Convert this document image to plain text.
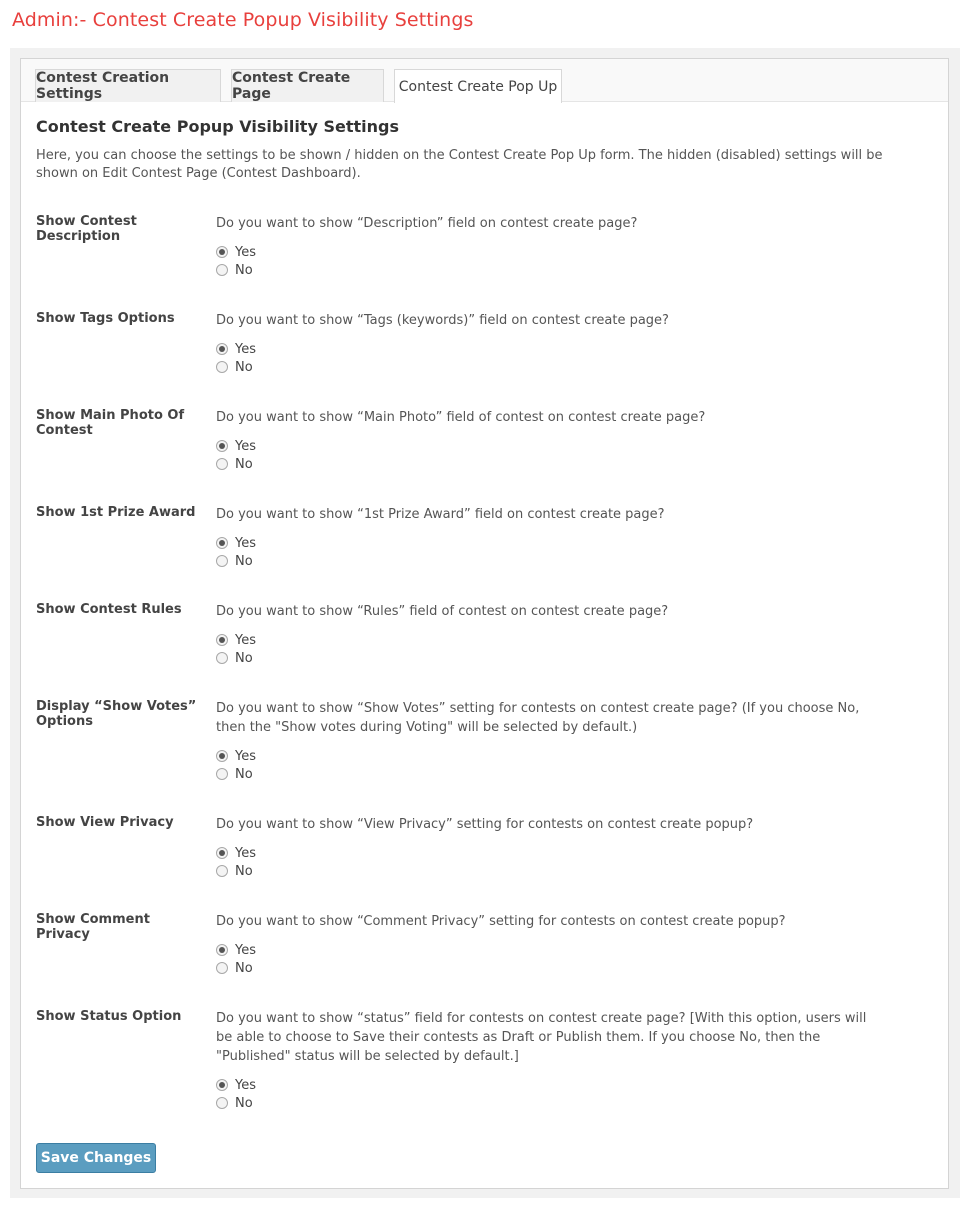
Admin:- Contest Create Popup Visibility Settings
Contest Creation Settings
Contest Create Page	Contest Create Pop Up
Contest Create Popup Visibility Settings

Here, you can choose the settings to be shown / hidden on the Contest Create Pop Up form. The hidden (disabled) settings will be shown on Edit Contest Page (Contest Dashboard).

Show Contest Description

Do you want to show “Description” field on contest create page?

Yes
No
Show Tags Options	Do you want to show “Tags (keywords)” field on contest create page?

Yes
No
Show Main Photo Of Contest

Do you want to show “Main Photo” field of contest on contest create page?

Yes
No
Show 1st Prize Award	Do you want to show “1st Prize Award” field on contest create page?

Yes
No
Show Contest Rules	Do you want to show “Rules” field of contest on contest create page?

Yes
No
Display “Show Votes” Options

Do you want to show “Show Votes” setting for contests on contest create page? (If you choose No, then the "Show votes during Voting" will be selected by default.)

Yes
No
Show View Privacy	Do you want to show “View Privacy” setting for contests on contest create popup?

Yes
No
Show Comment Privacy

Do you want to show “Comment Privacy” setting for contests on contest create popup?

Yes
No
Show Status Option	Do you want to show “status” field for contests on contest create page? [With this option, users will be able to choose to Save their contests as Draft or Publish them. If you choose No, then the "Published" status will be selected by default.]

Yes
No
Save Changes
